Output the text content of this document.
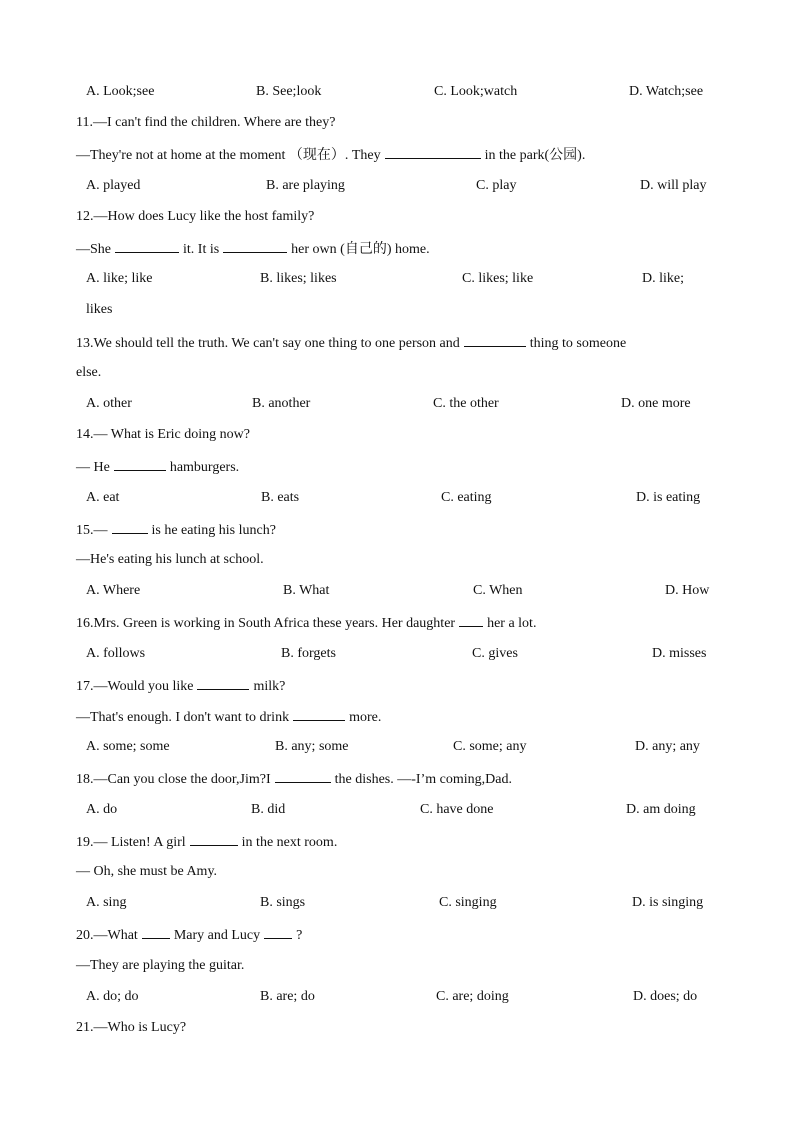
A. Look;see	B. See;look	C. Look;watch	D. Watch;see
11.—I can't find the children. Where are they?
—They're not at home at the moment （现在）. They	in the park(公园).
A. played	B. are playing	C. play	D. will play
12.—How does Lucy like the host family?
—She	it. It is	her own (自己的) home.
A. like; like	B. likes; likes	C. likes; like	D. like;
likes
13.We should tell the truth. We can't say one thing to one person and	thing to someone
else.
A. other	B. another	C. the other	D. one more
14.— What is Eric doing now?
— He	hamburgers.
A. eat	B. eats	C. eating	D. is eating
15.—	is he eating his lunch?
—He's eating his lunch at school.
A. Where	B. What	C. When	D. How
16.Mrs. Green is working in South Africa these years. Her daughter her a lot.
A. follows	B. forgets	C. gives	D. misses
17.—Would you like	milk?
—That's enough. I don't want to drink	more.
A. some; some	B. any; some	C. some; any	D. any; any
18.—Can you close the door,Jim?I	the dishes. —-I’m coming,Dad.
A. do	B. did	C. have done	D. am doing
19.— Listen! A girl	in the next room.
— Oh, she must be Amy.
A. sing	B. sings	C. singing	D. is singing
20.—What	Mary and Lucy	?
—They are playing the guitar.
A. do; do	B. are; do	C. are; doing	D. does; do
21.—Who is Lucy?
